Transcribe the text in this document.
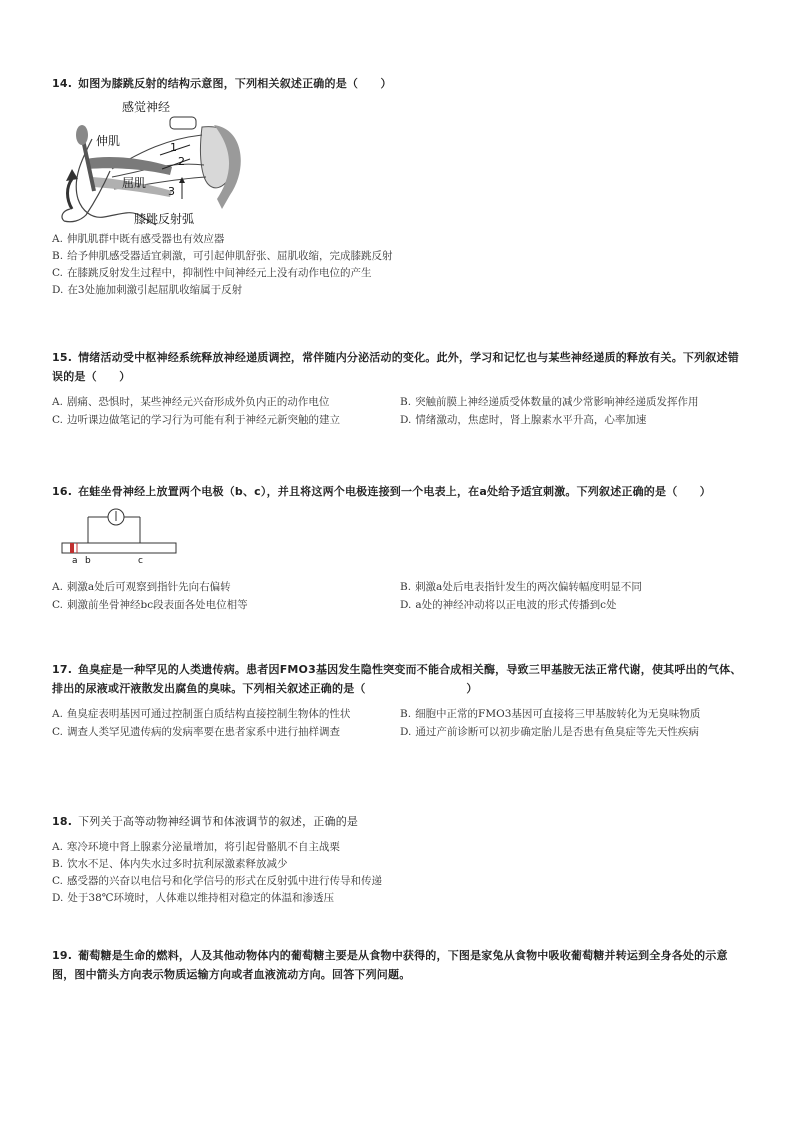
14. 如图为膝跳反射的结构示意图，下列相关叙述正确的是（　　）
感觉神经
伸肌
屈肌
膝跳反射弧
1
2
3
A. 伸肌肌群中既有感受器也有效应器
B. 给予伸肌感受器适宜刺激，可引起伸肌舒张、屈肌收缩，完成膝跳反射
C. 在膝跳反射发生过程中，抑制性中间神经元上没有动作电位的产生
D. 在3处施加刺激引起屈肌收缩属于反射
15. 情绪活动受中枢神经系统释放神经递质调控，常伴随内分泌活动的变化。此外，学习和记忆也与某些神经递质的释放有关。下列叙述错误的是（　　）
A. 剧痛、恐惧时，某些神经元兴奋形成外负内正的动作电位	B. 突触前膜上神经递质受体数量的减少常影响神经递质发挥作用
C. 边听课边做笔记的学习行为可能有利于神经元新突触的建立	D. 情绪激动，焦虑时，肾上腺素水平升高，心率加速
16. 在蛙坐骨神经上放置两个电极（b、c），并且将这两个电极连接到一个电表上，在a处给予适宜刺激。下列叙述正确的是（　　）
a b	c
A. 刺激a处后可观察到指针先向右偏转	B. 刺激a处后电表指针发生的两次偏转幅度明显不同
C. 刺激前坐骨神经bc段表面各处电位相等	D. a处的神经冲动将以正电波的形式传播到c处
17. 鱼臭症是一种罕见的人类遗传病。患者因FMO3基因发生隐性突变而不能合成相关酶，导致三甲基胺无法正常代谢，使其呼出的气体、排出的尿液或汗液散发出腐鱼的臭味。下列相关叙述正确的是（　　　　　　　　　）
A. 鱼臭症表明基因可通过控制蛋白质结构直接控制生物体的性状	B. 细胞中正常的FMO3基因可直接将三甲基胺转化为无臭味物质
C. 调查人类罕见遗传病的发病率要在患者家系中进行抽样调查	D. 通过产前诊断可以初步确定胎儿是否患有鱼臭症等先天性疾病
18. 下列关于高等动物神经调节和体液调节的叙述，正确的是
A. 寒冷环境中肾上腺素分泌量增加，将引起骨骼肌不自主战栗
B. 饮水不足、体内失水过多时抗利尿激素释放减少
C. 感受器的兴奋以电信号和化学信号的形式在反射弧中进行传导和传递
D. 处于38℃环境时，人体难以维持相对稳定的体温和渗透压
19. 葡萄糖是生命的燃料，人及其他动物体内的葡萄糖主要是从食物中获得的，下图是家兔从食物中吸收葡萄糖并转运到全身各处的示意图，图中箭头方向表示物质运输方向或者血液流动方向。回答下列问题。
